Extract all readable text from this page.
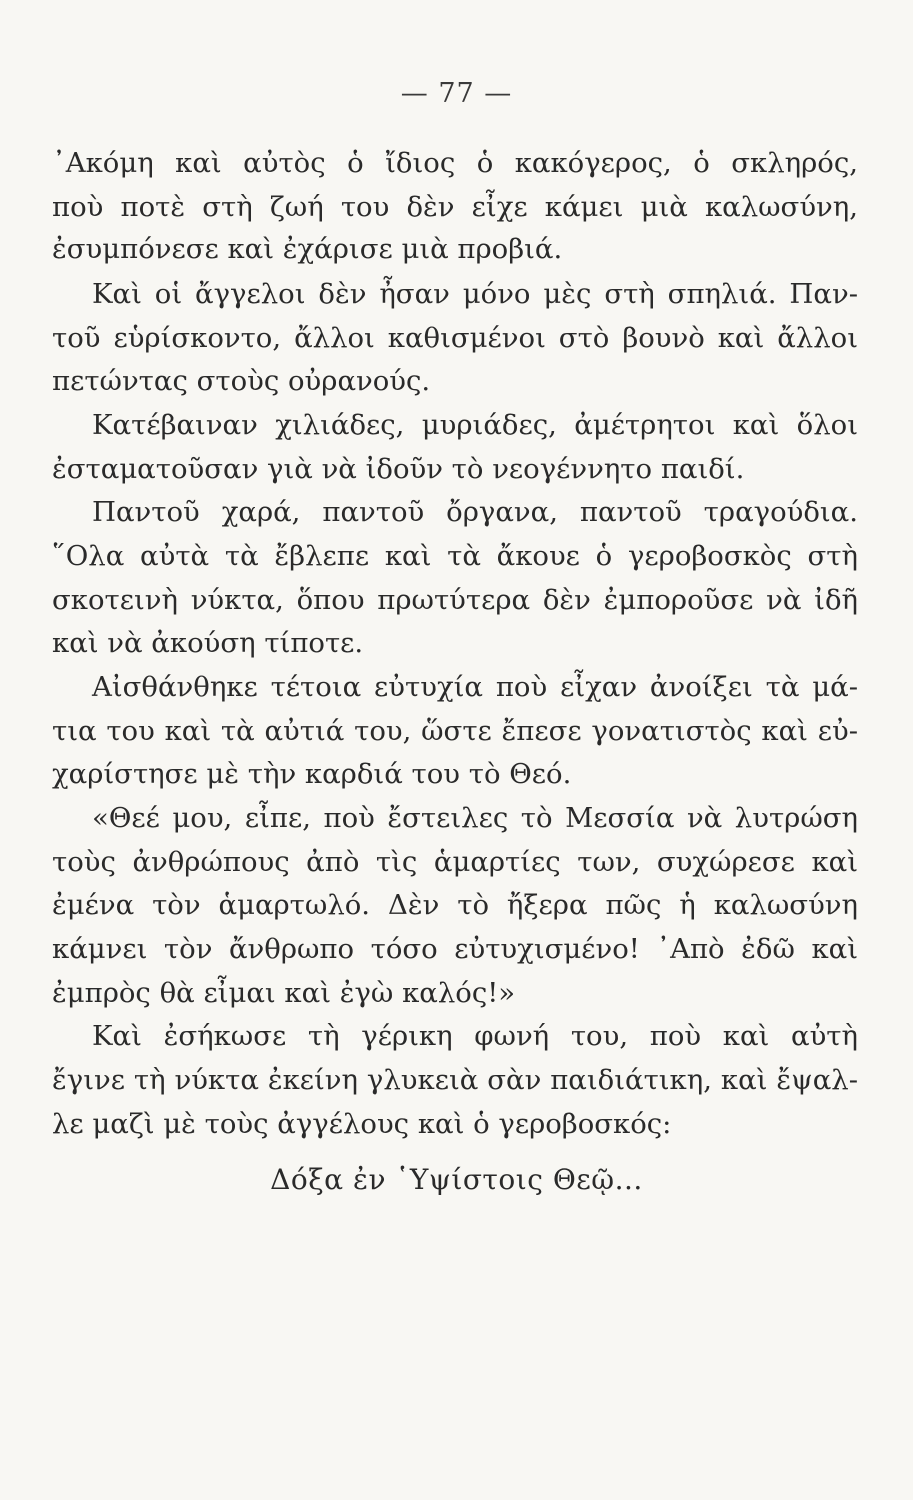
— 77 —
᾿Ακόμη καὶ αὐτὸς ὁ ἴδιος ὁ κακόγερος, ὁ σκληρός,
ποὺ ποτὲ στὴ ζωή του δὲν εἶχε κάμει μιὰ καλωσύνη,
ἐσυμπόνεσε καὶ ἐχάρισε μιὰ προβιά.
Καὶ οἱ ἄγγελοι δὲν ἦσαν μόνο μὲς στὴ σπηλιά. Παν-
τοῦ εὑρίσκοντο, ἄλλοι καθισμένοι στὸ βουνὸ καὶ ἄλλοι
πετώντας στοὺς οὐρανούς.
Κατέβαιναν χιλιάδες, μυριάδες, ἀμέτρητοι καὶ ὅλοι
ἐσταματοῦσαν γιὰ νὰ ἰδοῦν τὸ νεογέννητο παιδί.
Παντοῦ χαρά, παντοῦ ὄργανα, παντοῦ τραγούδια.
῞Ολα αὐτὰ τὰ ἔβλεπε καὶ τὰ ἄκουε ὁ γεροβοσκὸς στὴ
σκοτεινὴ νύκτα, ὅπου πρωτύτερα δὲν ἐμποροῦσε νὰ ἰδῆ
καὶ νὰ ἀκούση τίποτε.
Αἰσθάνθηκε τέτοια εὐτυχία ποὺ εἶχαν ἀνοίξει τὰ μά-
τια του καὶ τὰ αὐτιά του, ὥστε ἔπεσε γονατιστὸς καὶ εὐ-
χαρίστησε μὲ τὴν καρδιά του τὸ Θεό.
«Θεέ μου, εἶπε, ποὺ ἔστειλες τὸ Μεσσία νὰ λυτρώση
τοὺς ἀνθρώπους ἀπὸ τὶς ἁμαρτίες των, συχώρεσε καὶ
ἐμένα τὸν ἁμαρτωλό. Δὲν τὸ ἤξερα πῶς ἡ καλωσύνη
κάμνει τὸν ἄνθρωπο τόσο εὐτυχισμένο! ᾿Απὸ ἐδῶ καὶ
ἐμπρὸς θὰ εἶμαι καὶ ἐγὼ καλός!»
Καὶ ἐσήκωσε τὴ γέρικη φωνή του, ποὺ καὶ αὐτὴ
ἔγινε τὴ νύκτα ἐκείνη γλυκειὰ σὰν παιδιάτικη, καὶ ἔψαλ-
λε μαζὶ μὲ τοὺς ἀγγέλους καὶ ὁ γεροβοσκός:
Δόξα ἐν ῾Υψίστοις Θεῷ...
